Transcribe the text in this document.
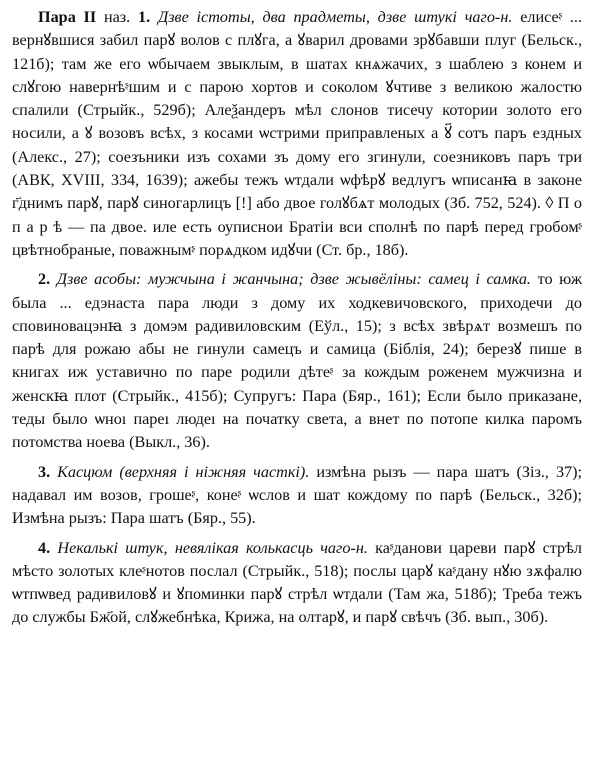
Пара II наз. 1. Дзве істоты, два прадметы, дзве штукі чаго-н. елисеᶳ ... вернꙋвшися забил парꙋ волов с плꙋга, а ꙋварил дровами зрꙋбавши плуг (Бельск., 121б); там же его ѡбычаем звыклым, в шатах кнѧжачих, з шаблею з конем и слꙋгою навернѣᶳшим и с парою хортов и соколом ꙋчтиве з великою жалостю спалили (Стрыйк., 529б); Алеѯандеръ мѣл слонов тисечу котории золото его носили, а ꙋ возовъ всѣх, з косами ѡстрими приправленых а ꙋ҃ сотъ паръ ездных (Алекс., 27); соезъники изъ сохами зъ дому его згинули, соезниковъ паръ три (АВК, XVIII, 334, 1639); ажебы тежъ ѡтдали ѡфѣрꙋ ведлугъ ѡписанꙗ в законе г҃днимъ парꙋ, парꙋ синогарлицъ [!] або двое голꙋбѧт молодых (Зб. 752, 524). ◊ П о п а р ѣ — па двое. иле есть оуписнои Братіи вси сполнѣ по парѣ перед гробомᶳ цвѣтнобраные, поважнымᶳ порѧдком идꙋчи (Ст. бр., 18б).
2. Дзве асобы: мужчына і жанчына; дзве жывёліны: самец і самка. то юж была ... едэнаста пара люди з дому их ходкевичовского, приходечи до сповиновацэнꙗ з домэм радивиловским (Еўл., 15); з всѣх звѣрѧт возмешъ по парѣ для рожаю абы не гинули самецъ и самица (Біблія, 24); березꙋ пише в книгах иж уставично по паре родили дѣтеᶳ за кождым роженем мужчизна и женскꙗ плот (Стрыйк., 415б); Супругъ: Пара (Бяр., 161); Если было приказане, теды было ѡноı пареı людеı на початку света, а внет по потопе килка паромъ потомства ноева (Выкл., 36).
3. Касцюм (верхняя і ніжняя часткі). измѣна рызъ — пара шатъ (Зіз., 37); надавал им возов, грошеᶳ, конеᶳ ѡслов и шат кождому по парѣ (Бельск., 32б); Измѣна рызъ: Пара шатъ (Бяр., 55).
4. Некалькі штук, невялікая колькасць чаго-н. каᶳданови цареви парꙋ стрѣл мѣсто золотых клеᶳнотов послал (Стрыйк., 518); послы царꙋ каᶳдану нꙋю зѫфалю ѡтпѡвед радивиловꙋ и ꙋпоминки парꙋ стрѣл ѡтдали (Там жа, 518б); Треба тежъ до службы Бж҃ой, слꙋжебнѣка, Крижа, на олтарꙋ, и парꙋ свѣчъ (Зб. вып., 30б).
